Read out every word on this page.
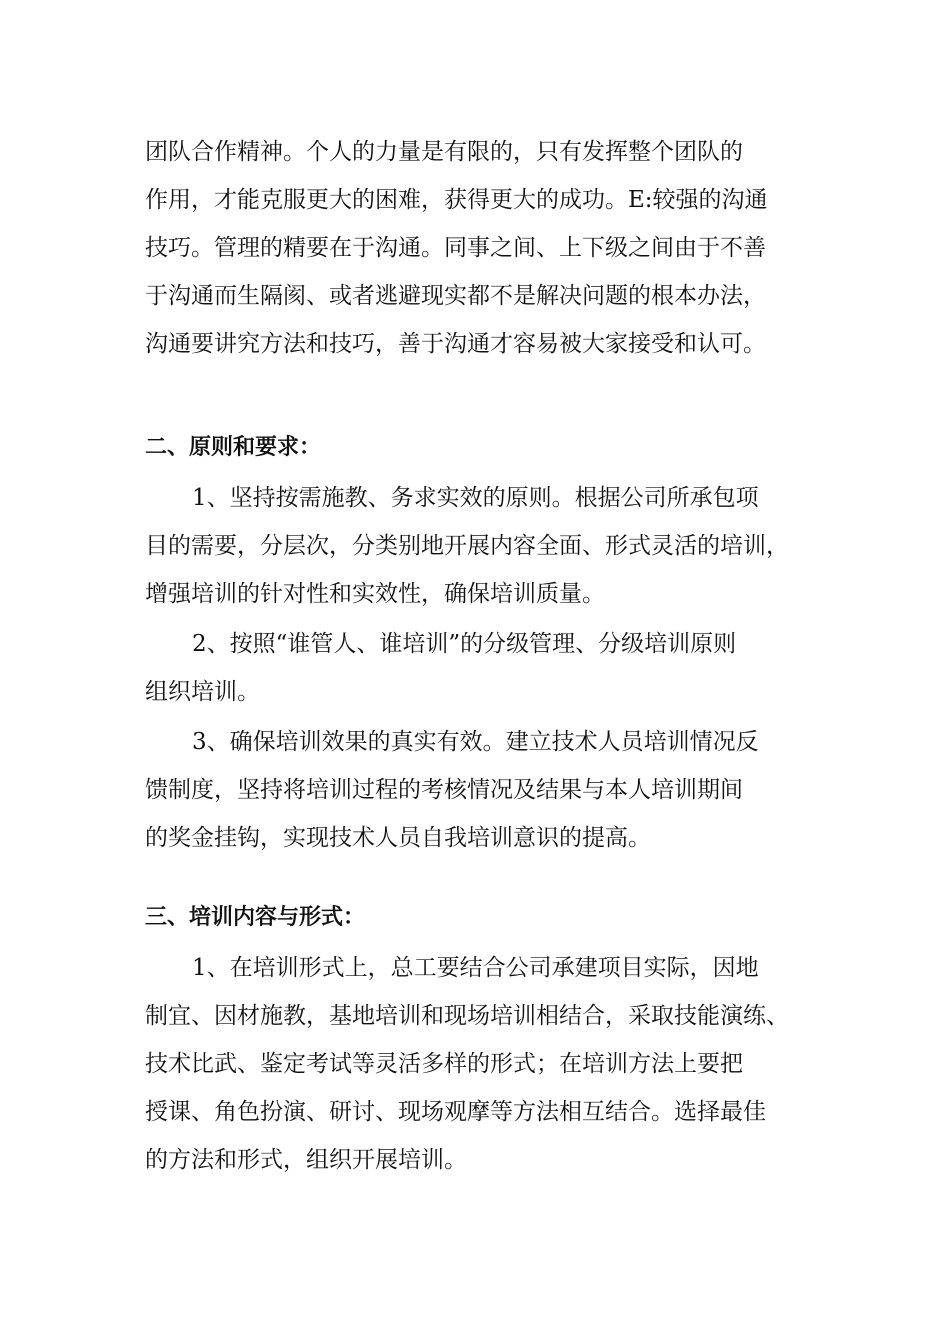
团队合作精神。个人的力量是有限的，只有发挥整个团队的
作用，才能克服更大的困难，获得更大的成功。E:较强的沟通
技巧。管理的精要在于沟通。同事之间、上下级之间由于不善
于沟通而生隔阂、或者逃避现实都不是解决问题的根本办法，
沟通要讲究方法和技巧，善于沟通才容易被大家接受和认可。
二、原则和要求：
1、坚持按需施教、务求实效的原则。根据公司所承包项
目的需要，分层次，分类别地开展内容全面、形式灵活的培训，
增强培训的针对性和实效性，确保培训质量。
2、按照“谁管人、谁培训”的分级管理、分级培训原则
组织培训。
3、确保培训效果的真实有效。建立技术人员培训情况反
馈制度，坚持将培训过程的考核情况及结果与本人培训期间
的奖金挂钩，实现技术人员自我培训意识的提高。
三、培训内容与形式：
1、在培训形式上，总工要结合公司承建项目实际，因地
制宜、因材施教，基地培训和现场培训相结合，采取技能演练、
技术比武、鉴定考试等灵活多样的形式；在培训方法上要把
授课、角色扮演、研讨、现场观摩等方法相互结合。选择最佳
的方法和形式，组织开展培训。
